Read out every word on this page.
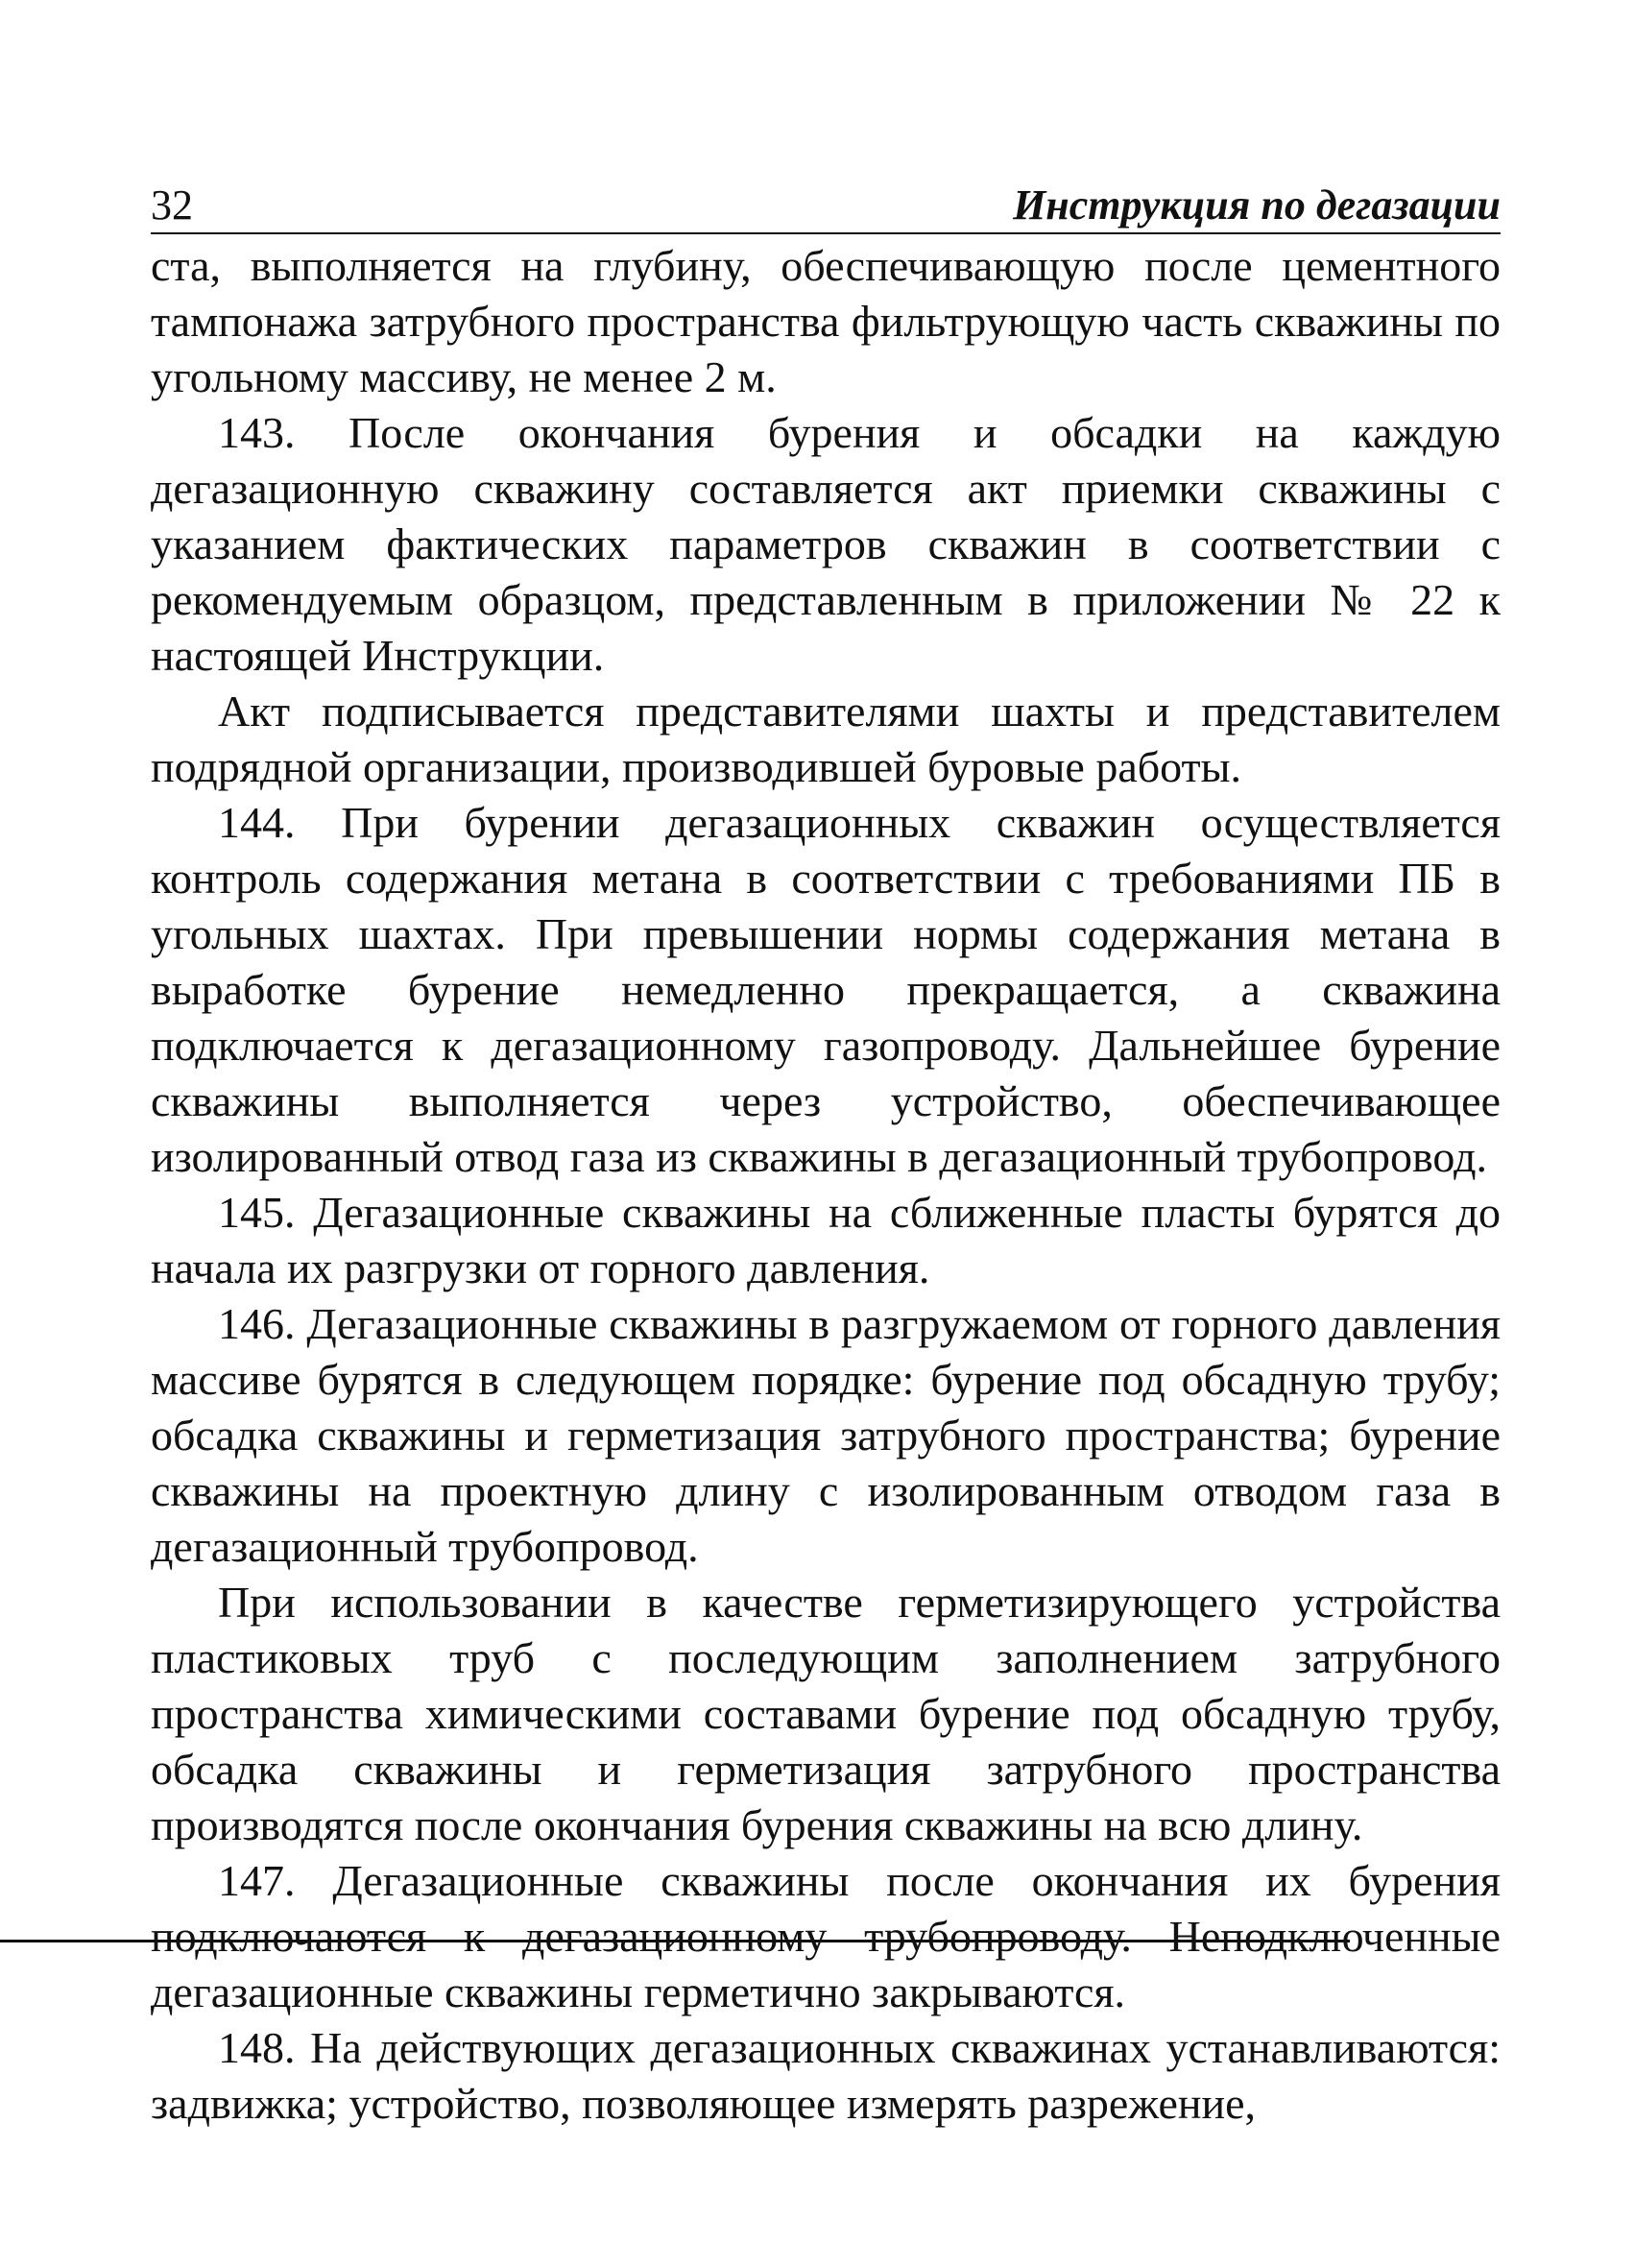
32	Инструкция по дегазации

ста, выполняется на глубину, обеспечивающую после цементного тампонажа затрубного пространства фильтрующую часть скважины по угольному массиву, не менее 2 м.

143. После окончания бурения и обсадки на каждую дегазационную скважину составляется акт приемки скважины с указанием фактических параметров скважин в соответствии с рекомендуемым образцом, представленным в приложении № 22 к настоящей Инструкции.

Акт подписывается представителями шахты и представителем подрядной организации, производившей буровые работы.

144. При бурении дегазационных скважин осуществляется контроль содержания метана в соответствии с требованиями ПБ в угольных шахтах. При превышении нормы содержания метана в выработке бурение немедленно прекращается, а скважина подключается к дегазационному газопроводу. Дальнейшее бурение скважины выполняется через устройство, обеспечивающее изолированный отвод газа из скважины в дегазационный трубопровод.

145. Дегазационные скважины на сближенные пласты бурятся до начала их разгрузки от горного давления.

146. Дегазационные скважины в разгружаемом от горного давления массиве бурятся в следующем порядке: бурение под обсадную трубу; обсадка скважины и герметизация затрубного пространства; бурение скважины на проектную длину с изолированным отводом газа в дегазационный трубопровод.

При использовании в качестве герметизирующего устройства пластиковых труб с последующим заполнением затрубного пространства химическими составами бурение под обсадную трубу, обсадка скважины и герметизация затрубного пространства производятся после окончания бурения скважины на всю длину.

147. Дегазационные скважины после окончания их бурения подключаются к дегазационному трубопроводу. Неподключенные дегазационные скважины герметично закрываются.

148. На действующих дегазационных скважинах устанавливаются: задвижка; устройство, позволяющее измерять разрежение,
